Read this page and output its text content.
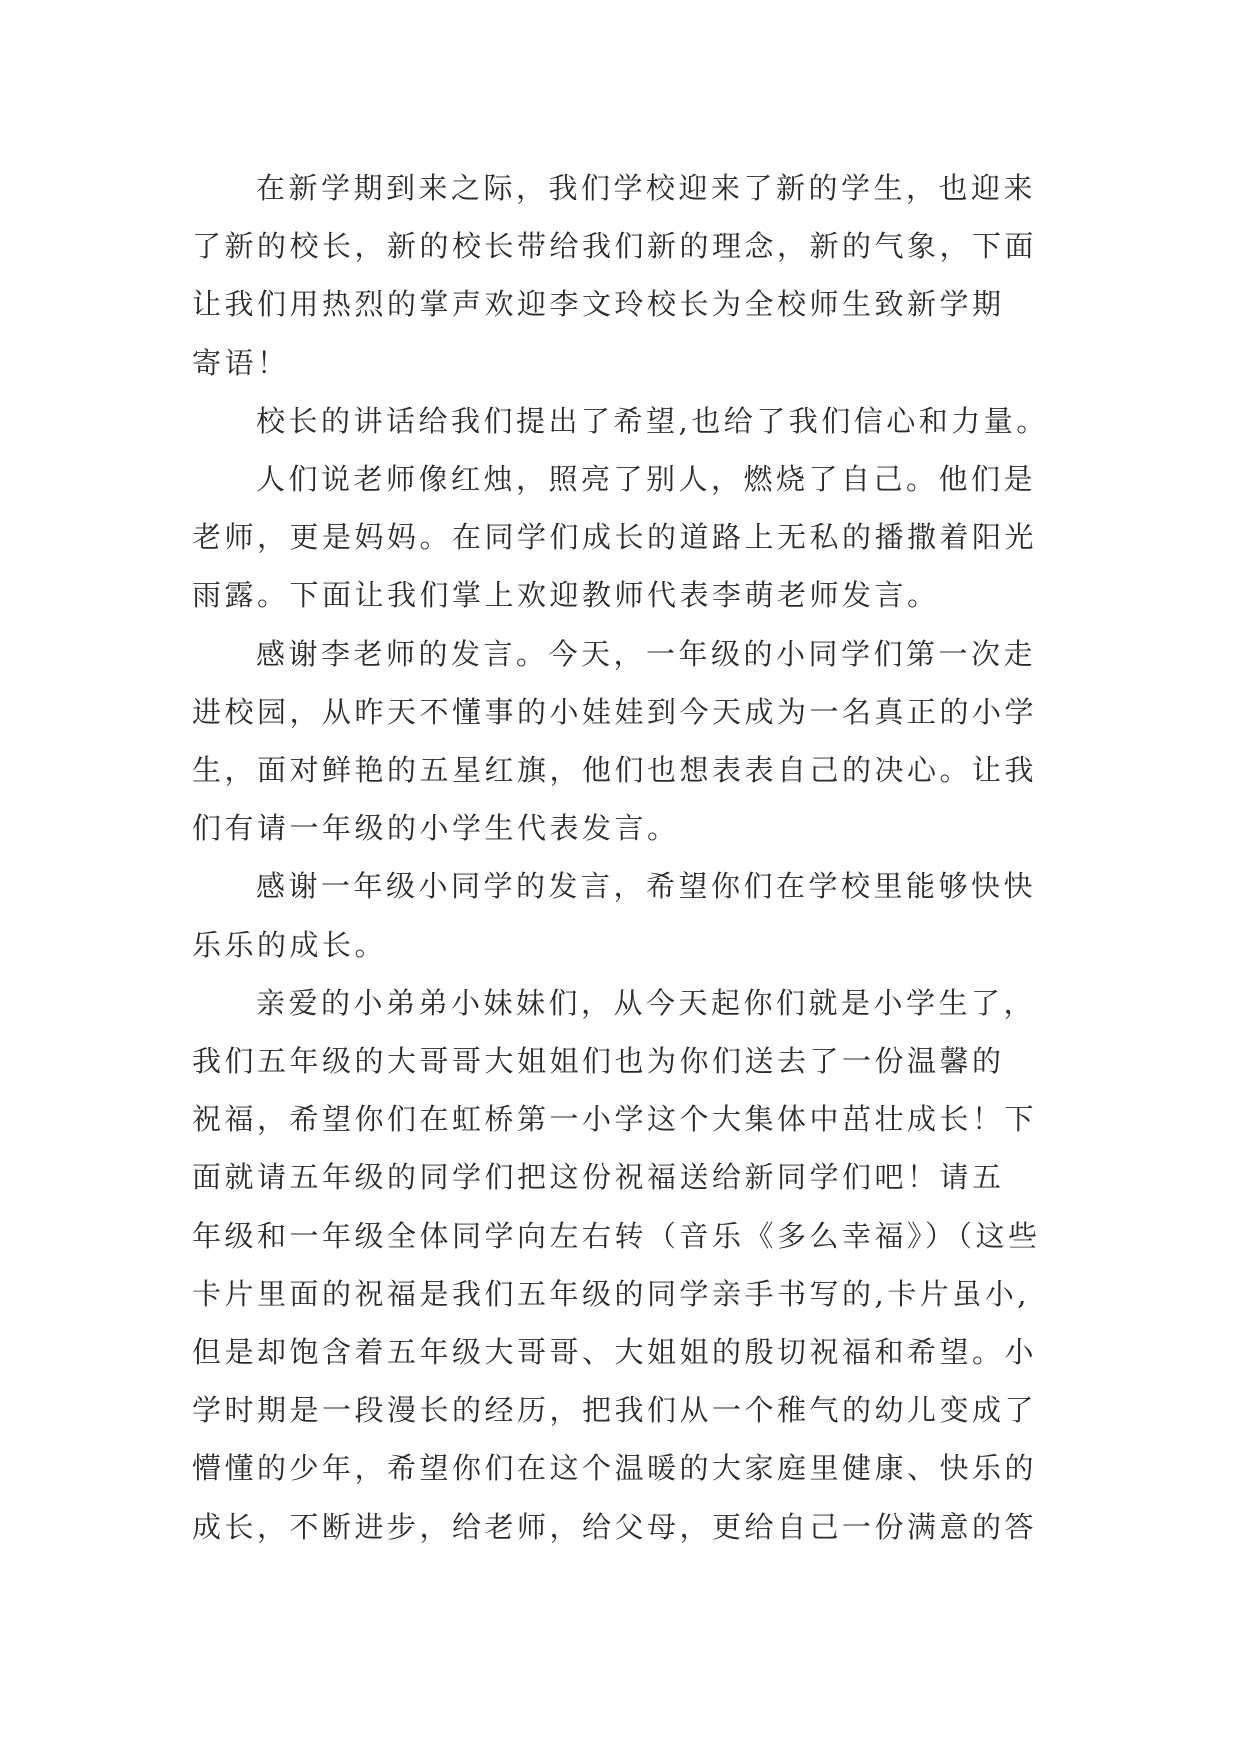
在新学期到来之际，我们学校迎来了新的学生，也迎来
了新的校长，新的校长带给我们新的理念，新的气象，下面
让我们用热烈的掌声欢迎李文玲校长为全校师生致新学期
寄语！

校长的讲话给我们提出了希望,也给了我们信心和力量。

人们说老师像红烛，照亮了别人，燃烧了自己。他们是
老师，更是妈妈。在同学们成长的道路上无私的播撒着阳光
雨露。下面让我们掌上欢迎教师代表李萌老师发言。

感谢李老师的发言。今天，一年级的小同学们第一次走
进校园，从昨天不懂事的小娃娃到今天成为一名真正的小学
生，面对鲜艳的五星红旗，他们也想表表自己的决心。让我
们有请一年级的小学生代表发言。

感谢一年级小同学的发言，希望你们在学校里能够快快
乐乐的成长。

亲爱的小弟弟小妹妹们，从今天起你们就是小学生了，
我们五年级的大哥哥大姐姐们也为你们送去了一份温馨的
祝福，希望你们在虹桥第一小学这个大集体中茁壮成长！下
面就请五年级的同学们把这份祝福送给新同学们吧！请五
年级和一年级全体同学向左右转（音乐《多么幸福》）（这些
卡片里面的祝福是我们五年级的同学亲手书写的,卡片虽小,
但是却饱含着五年级大哥哥、大姐姐的殷切祝福和希望。小
学时期是一段漫长的经历，把我们从一个稚气的幼儿变成了
懵懂的少年，希望你们在这个温暖的大家庭里健康、快乐的
成长，不断进步，给老师，给父母，更给自己一份满意的答
